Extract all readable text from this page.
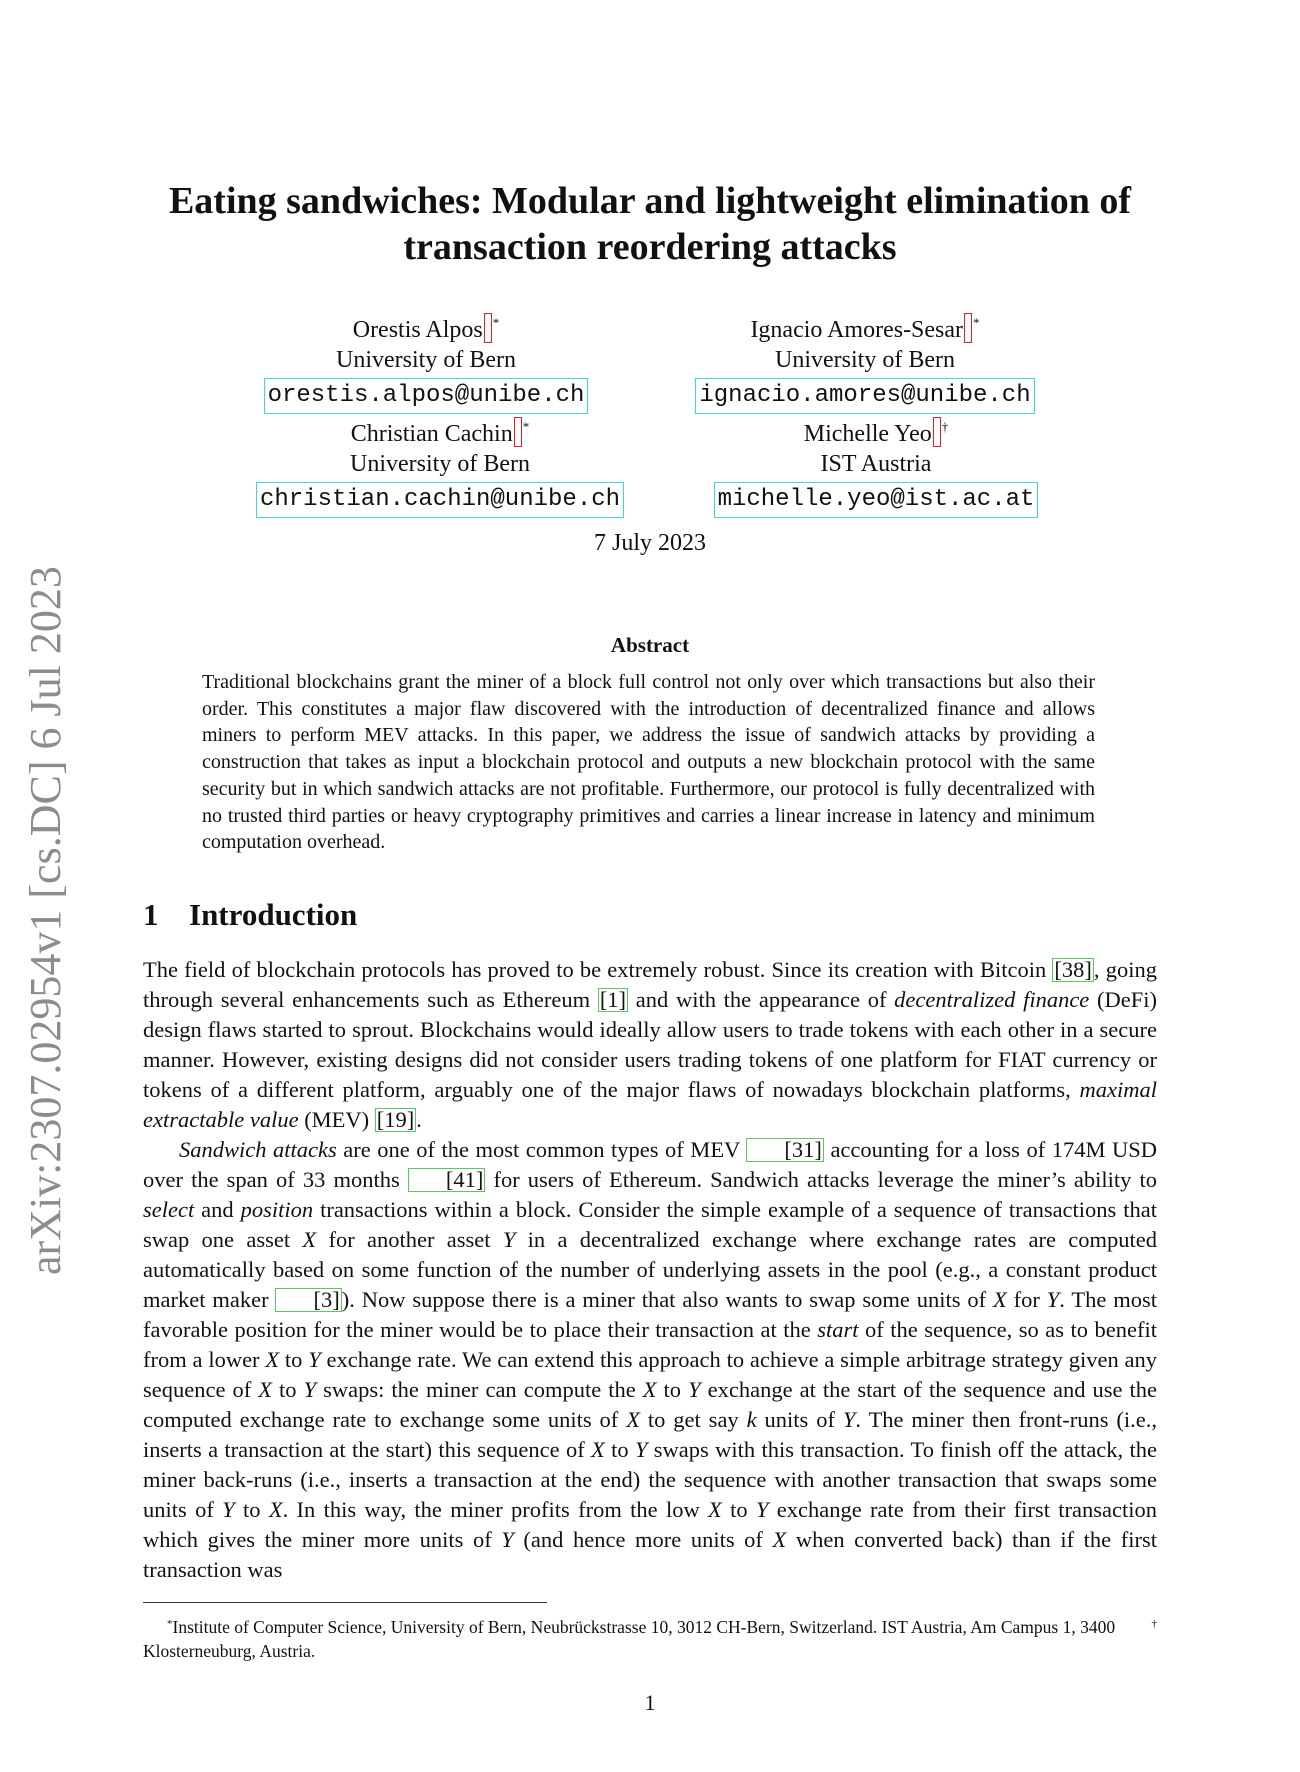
arXiv:2307.02954v1 [cs.DC] 6 Jul 2023
Eating sandwiches: Modular and lightweight elimination of
transaction reordering attacks
Orestis Alpos *
University of Bern
orestis.alpos@unibe.ch
Ignacio Amores-Sesar *
University of Bern
ignacio.amores@unibe.ch
Christian Cachin *
University of Bern
christian.cachin@unibe.ch
Michelle Yeo †
IST Austria
michelle.yeo@ist.ac.at
7 July 2023
Abstract

Traditional blockchains grant the miner of a block full control not only over which transactions but also their order. This constitutes a major flaw discovered with the introduction of decentralized finance and allows miners to perform MEV attacks. In this paper, we address the issue of sandwich attacks by providing a construction that takes as input a blockchain protocol and outputs a new blockchain protocol with the same security but in which sandwich attacks are not profitable. Furthermore, our protocol is fully decentralized with no trusted third parties or heavy cryptography primitives and carries a linear increase in latency and minimum computation overhead.

1 Introduction

The field of blockchain protocols has proved to be extremely robust. Since its creation with Bitcoin [38], going through several enhancements such as Ethereum [1] and with the appearance of decentralized finance (DeFi) design flaws started to sprout. Blockchains would ideally allow users to trade tokens with each other in a secure manner. However, existing designs did not consider users trading tokens of one platform for FIAT currency or tokens of a different platform, arguably one of the major flaws of nowadays blockchain platforms, maximal extractable value (MEV) [19].

Sandwich attacks are one of the most common types of MEV [31] accounting for a loss of 174M USD over the span of 33 months [41] for users of Ethereum. Sandwich attacks leverage the miner’s ability to select and position transactions within a block. Consider the simple example of a sequence of transactions that swap one asset X for another asset Y in a decentralized exchange where exchange rates are computed automatically based on some function of the number of underlying assets in the pool (e.g., a constant product market maker [3]). Now suppose there is a miner that also wants to swap some units of X for Y. The most favorable position for the miner would be to place their transaction at the start of the sequence, so as to benefit from a lower X to Y exchange rate. We can extend this approach to achieve a simple arbitrage strategy given any sequence of X to Y swaps: the miner can compute the X to Y exchange at the start of the sequence and use the computed exchange rate to exchange some units of X to get say k units of Y. The miner then front-runs (i.e., inserts a transaction at the start) this sequence of X to Y swaps with this transaction. To finish off the attack, the miner back-runs (i.e., inserts a transaction at the end) the sequence with another transaction that swaps some units of Y to X. In this way, the miner profits from the low X to Y exchange rate from their first transaction which gives the miner more units of Y (and hence more units of X when converted back) than if the first transaction was

*Institute of Computer Science, University of Bern, Neubrückstrasse 10, 3012 CH-Bern, Switzerland.	†
IST Austria, Am Campus 1, 3400 Klosterneuburg, Austria.
1
